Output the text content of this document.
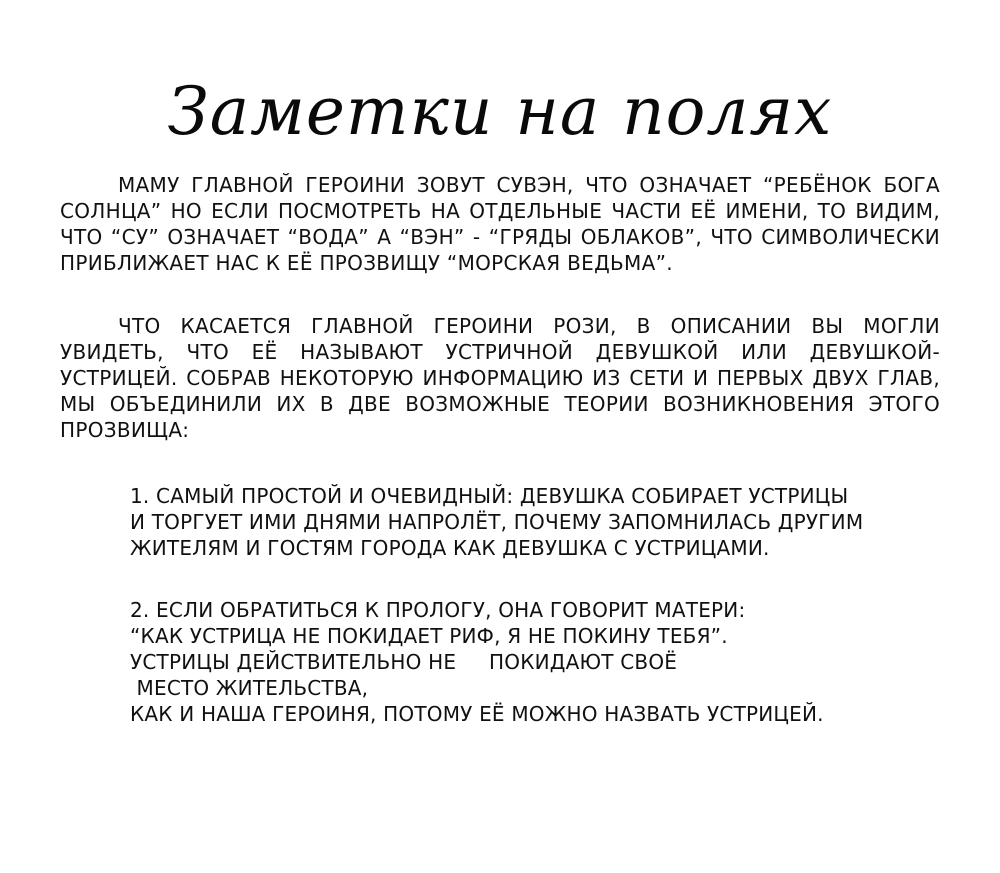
Заметки на полях
МАМУ ГЛАВНОЙ ГЕРОИНИ ЗОВУТ СУВЭН, ЧТО ОЗНАЧАЕТ “РЕБЁНОК БОГА СОЛНЦА” НО ЕСЛИ ПОСМОТРЕТЬ НА ОТДЕЛЬНЫЕ ЧАСТИ ЕЁ ИМЕНИ, ТО ВИДИМ, ЧТО “СУ” ОЗНАЧАЕТ “ВОДА” А “ВЭН” - “ГРЯДЫ ОБЛАКОВ”, ЧТО СИМВОЛИЧЕСКИ ПРИБЛИЖАЕТ НАС К ЕЁ ПРОЗВИЩУ “МОРСКАЯ ВЕДЬМА”.
ЧТО КАСАЕТСЯ ГЛАВНОЙ ГЕРОИНИ РОЗИ, В ОПИСАНИИ ВЫ МОГЛИ УВИДЕТЬ, ЧТО ЕЁ НАЗЫВАЮТ УСТРИЧНОЙ ДЕВУШКОЙ ИЛИ ДЕВУШКОЙ-УСТРИЦЕЙ. СОБРАВ НЕКОТОРУЮ ИНФОРМАЦИЮ ИЗ СЕТИ И ПЕРВЫХ ДВУХ ГЛАВ, МЫ ОБЪЕДИНИЛИ ИХ В ДВЕ ВОЗМОЖНЫЕ ТЕОРИИ ВОЗНИКНОВЕНИЯ ЭТОГО ПРОЗВИЩА:
1. САМЫЙ ПРОСТОЙ И ОЧЕВИДНЫЙ: ДЕВУШКА СОБИРАЕТ УСТРИЦЫ
И ТОРГУЕТ ИМИ ДНЯМИ НАПРОЛЁТ, ПОЧЕМУ ЗАПОМНИЛАСЬ ДРУГИМ
ЖИТЕЛЯМ И ГОСТЯМ ГОРОДА КАК ДЕВУШКА С УСТРИЦАМИ.
2. ЕСЛИ ОБРАТИТЬСЯ К ПРОЛОГУ, ОНА ГОВОРИТ МАТЕРИ:
“КАК УСТРИЦА НЕ ПОКИДАЕТ РИФ, Я НЕ ПОКИНУ ТЕБЯ”.
УСТРИЦЫ ДЕЙСТВИТЕЛЬНО НЕ     ПОКИДАЮТ СВОЁ
МЕСТО ЖИТЕЛЬСТВА,
КАК И НАША ГЕРОИНЯ, ПОТОМУ ЕЁ МОЖНО НАЗВАТЬ УСТРИЦЕЙ.
